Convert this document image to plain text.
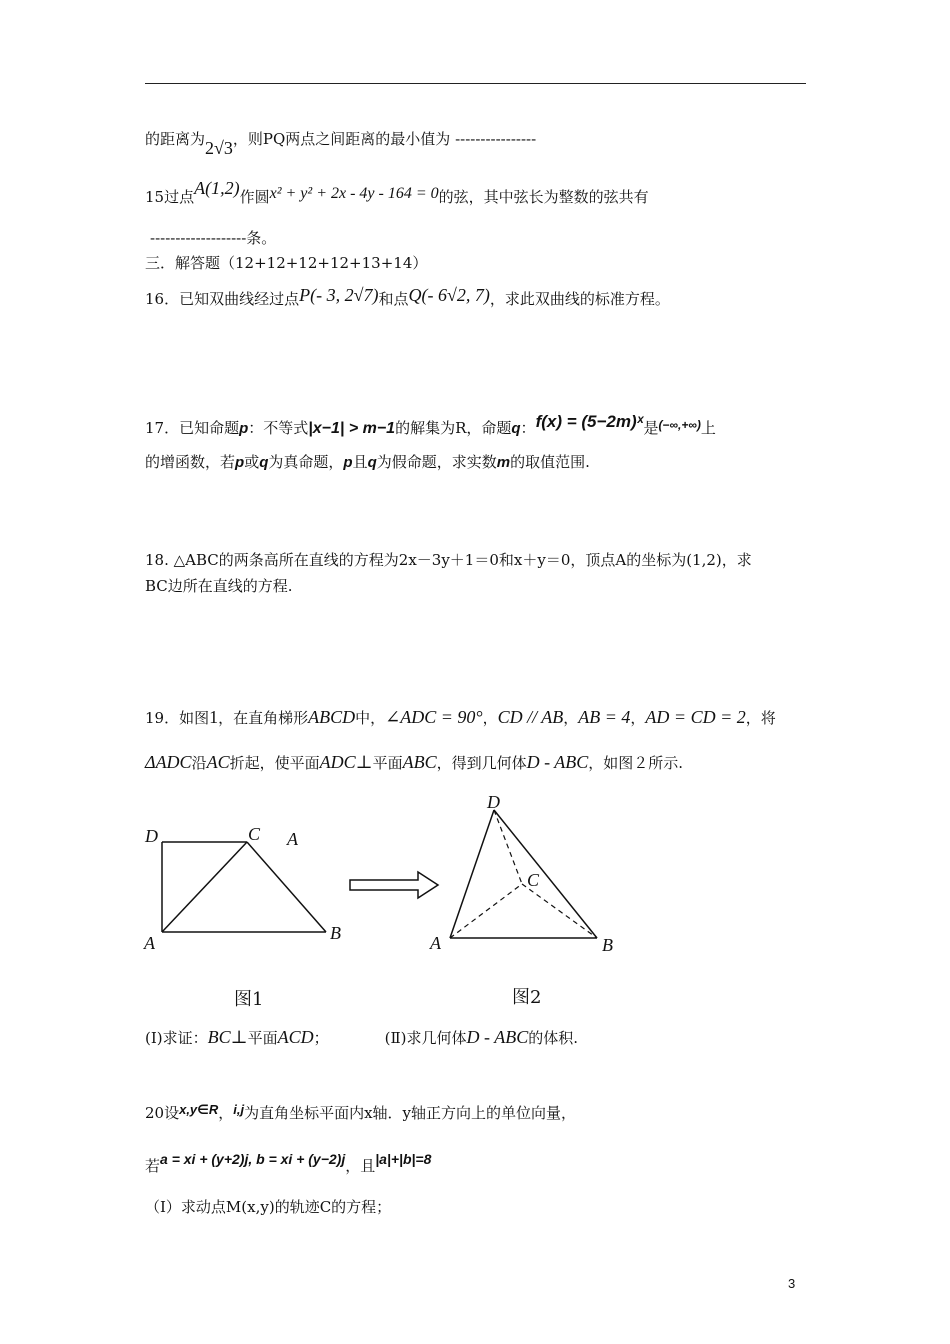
的距离为2√3，则PQ两点之间距离的最小值为 ----------------
15过点A(1,2)作圆x² + y² + 2x - 4y - 164 = 0的弦，其中弦长为整数的弦共有
-------------------条。
三．解答题（12+12+12+12+13+14）
16．已知双曲线经过点P(- 3, 2√7)和点Q(- 6√2, 7)，求此双曲线的标准方程。
17．已知命题p：不等式|x−1| > m−1的解集为R，命题q：f(x) = (5−2m)ˣ是(−∞,+∞)上
的增函数，若p或q为真命题，p且q为假命题，求实数m的取值范围.
18. △ABC的两条高所在直线的方程为2x－3y＋1＝0和x＋y＝0，顶点A的坐标为(1,2)，求
BC边所在直线的方程.
19．如图1，在直角梯形ABCD中，∠ADC = 90°，CD // AB，AB = 4，AD = CD = 2，将
ΔADC沿AC折起，使平面ADC⊥平面ABC，得到几何体D - ABC，如图２所示.
D	C A
A	B
图1
D
C
A	B
图2
(Ⅰ)求证：BC⊥平面ACD；	(Ⅱ)求几何体D - ABC的体积.
20设x,y∈R，i,j为直角坐标平面内x轴．y轴正方向上的单位向量，
若a = xi + (y+2)j, b = xi + (y−2)j，且|a|+|b|=8
（Ⅰ）求动点M(x,y)的轨迹C的方程；
3
